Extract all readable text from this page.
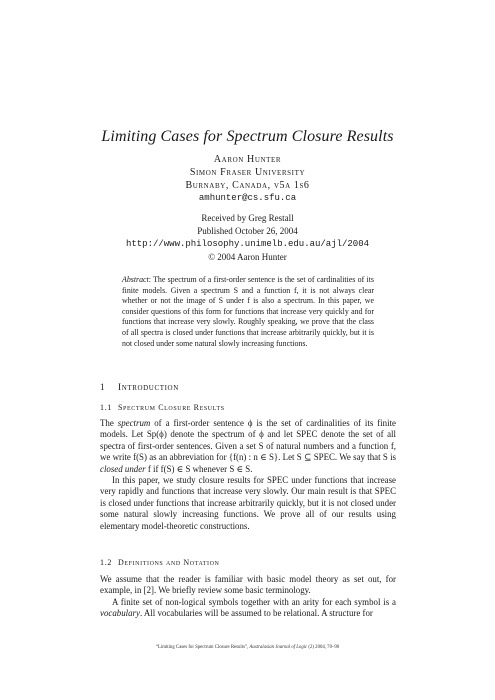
Limiting Cases for Spectrum Closure Results
Aaron Hunter
Simon Fraser University
Burnaby, Canada, v5a 1s6
amhunter@cs.sfu.ca
Received by Greg Restall
Published October 26, 2004
http://www.philosophy.unimelb.edu.au/ajl/2004
© 2004 Aaron Hunter
Abstract: The spectrum of a first-order sentence is the set of cardinalities of its finite models. Given a spectrum S and a function f, it is not always clear whether or not the image of S under f is also a spectrum. In this paper, we consider questions of this form for functions that increase very quickly and for functions that increase very slowly. Roughly speaking, we prove that the class of all spectra is closed under functions that increase arbitrarily quickly, but it is not closed under some natural slowly increasing functions.
1 Introduction
1.1 Spectrum Closure Results

The spectrum of a first-order sentence ϕ is the set of cardinalities of its finite models. Let Sp(ϕ) denote the spectrum of ϕ and let SPEC denote the set of all spectra of first-order sentences. Given a set S of natural numbers and a function f, we write f(S) as an abbreviation for {f(n) : n ∈ S}. Let S ⊆ SPEC. We say that S is closed under f if f(S) ∈ S whenever S ∈ S.

In this paper, we study closure results for SPEC under functions that increase very rapidly and functions that increase very slowly. Our main result is that SPEC is closed under functions that increase arbitrarily quickly, but it is not closed under some natural slowly increasing functions. We prove all of our results using elementary model-theoretic constructions.

1.2 Definitions and Notation

We assume that the reader is familiar with basic model theory as set out, for example, in [2]. We briefly review some basic terminology.

A finite set of non-logical symbols together with an arity for each symbol is a vocabulary. All vocabularies will be assumed to be relational. A structure for

“Limiting Cases for Spectrum Closure Results”, Australasian Journal of Logic (2) 2004, 70–90
